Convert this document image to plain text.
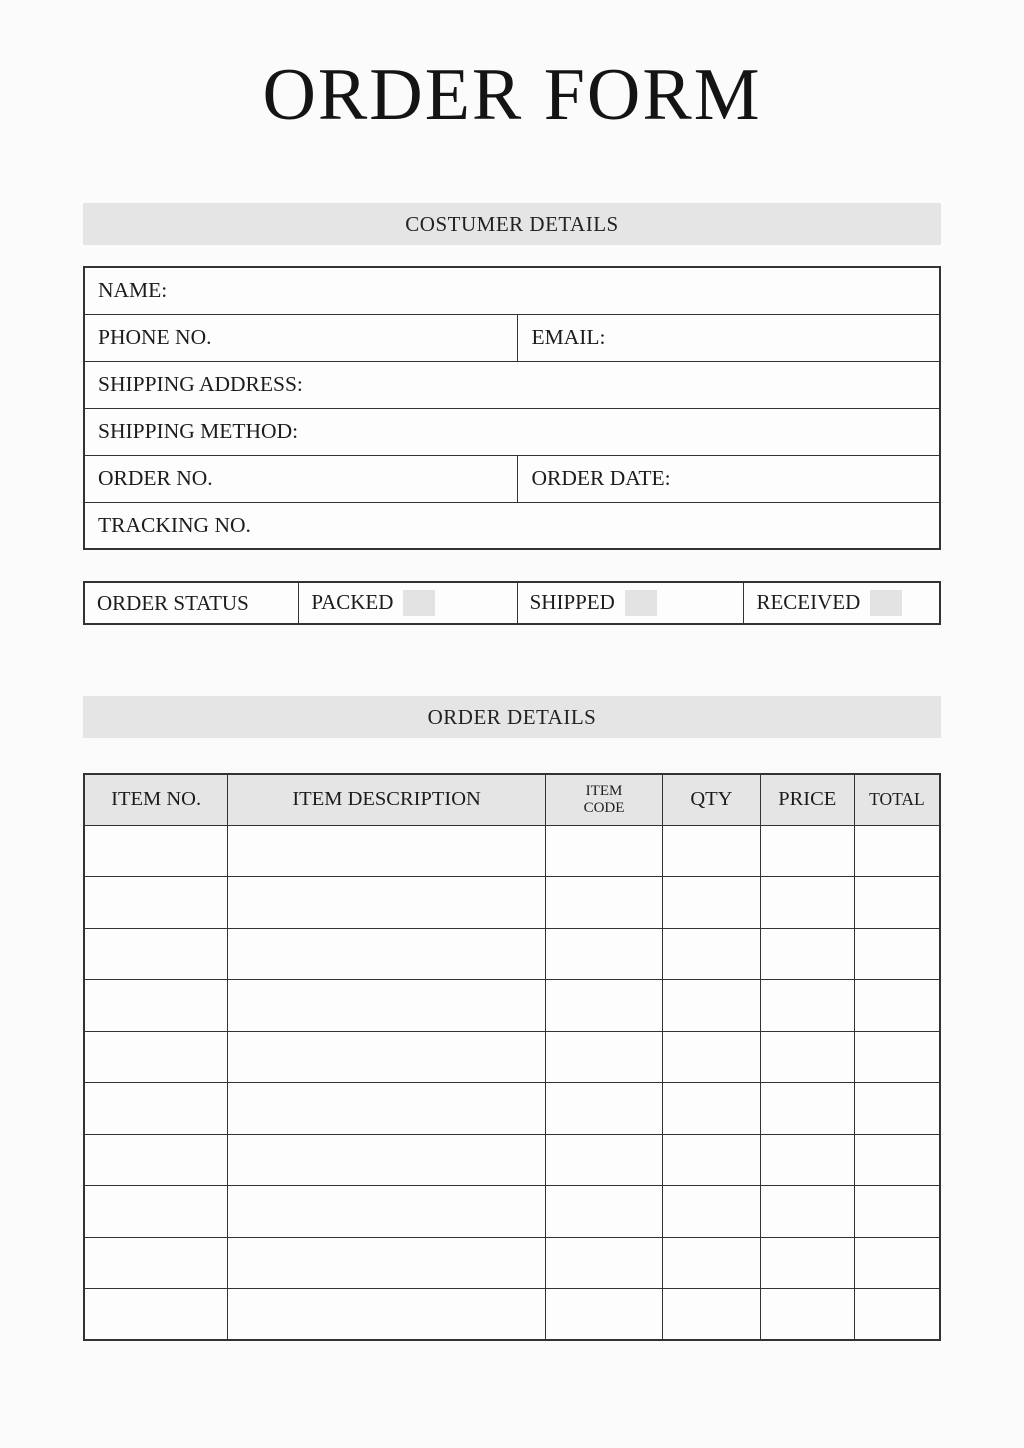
ORDER FORM
COSTUMER DETAILS
NAME:	
PHONE NO.	EMAIL:
SHIPPING ADDRESS:	
SHIPPING METHOD:	
ORDER NO.	ORDER DATE:
TRACKING NO.	
ORDER STATUS	PACKED	SHIPPED	RECEIVED
ORDER DETAILS
ITEM NO.	ITEM DESCRIPTION	ITEM CODE	QTY	PRICE	TOTAL
